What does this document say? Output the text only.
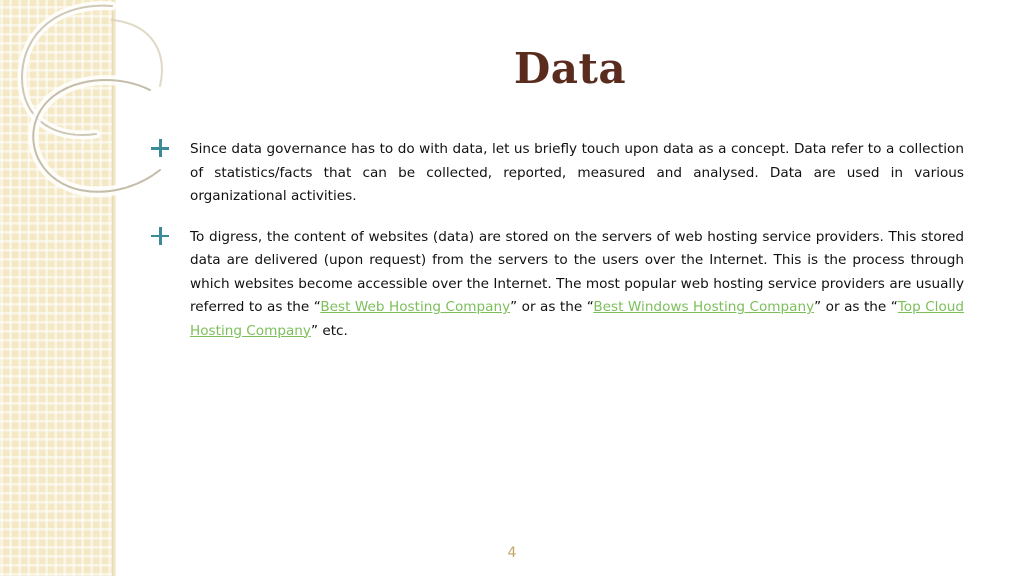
Data

Since data governance has to do with data, let us briefly touch upon data as a concept. Data refer to a collection of statistics/facts that can be collected, reported, measured and analysed. Data are used in various organizational activities.

To digress, the content of websites (data) are stored on the servers of web hosting service providers. This stored data are delivered (upon request) from the servers to the users over the Internet. This is the process through which websites become accessible over the Internet. The most popular web hosting service providers are usually referred to as the “Best Web Hosting Company” or as the “Best Windows Hosting Company” or as the “Top Cloud Hosting Company” etc.

4
